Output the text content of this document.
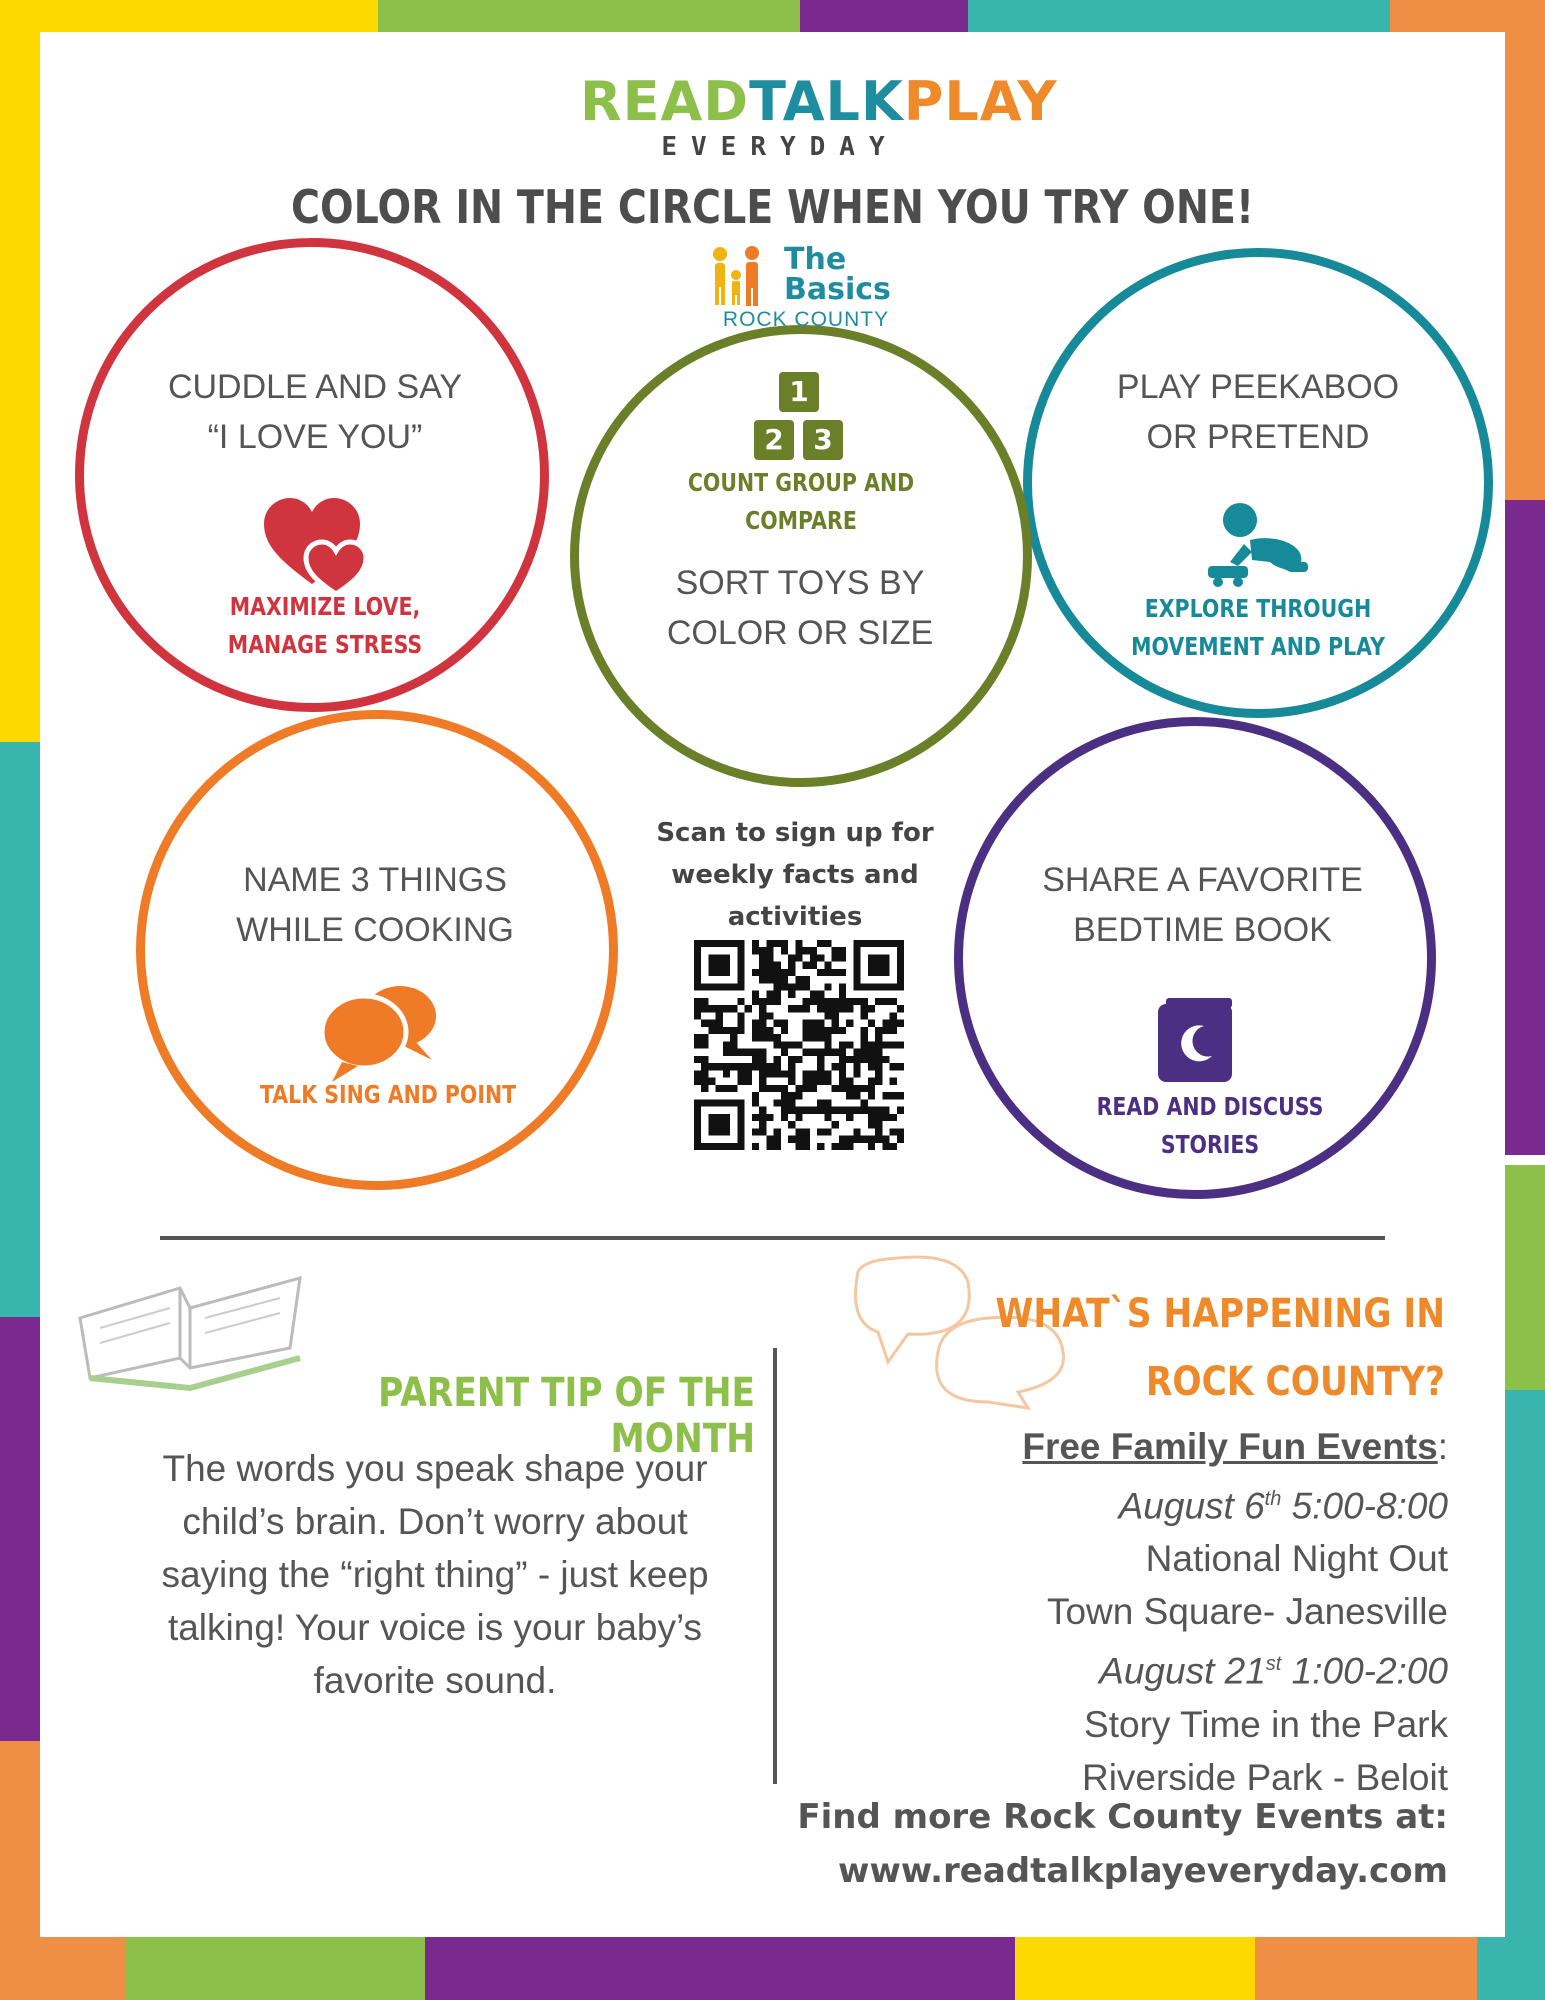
READTALKPLAY
EVERYDAY
COLOR IN THE CIRCLE WHEN YOU TRY ONE!
The
Basics
ROCK COUNTY
CUDDLE AND SAY
“I LOVE YOU”
MAXIMIZE LOVE,
MANAGE STRESS
1
2	3
COUNT GROUP AND COMPARE
SORT TOYS BY
COLOR OR SIZE
PLAY PEEKABOO
OR PRETEND
EXPLORE THROUGH
MOVEMENT AND PLAY
NAME 3 THINGS
WHILE COOKING
TALK SING AND POINT
SHARE A FAVORITE
BEDTIME BOOK
READ AND DISCUSS STORIES
Scan to sign up for
weekly facts and
activities
PARENT TIP OF THE MONTH
The words you speak shape your
child’s brain. Don’t worry about
saying the “right thing” - just keep
talking! Your voice is your baby’s
favorite sound.
WHAT`S HAPPENING IN
ROCK COUNTY?
Free Family Fun Events:
August 6th 5:00-8:00
National Night Out
Town Square- Janesville
August 21st 1:00-2:00
Story Time in the Park
Riverside Park - Beloit
Find more Rock County Events at:
www.readtalkplayeveryday.com
